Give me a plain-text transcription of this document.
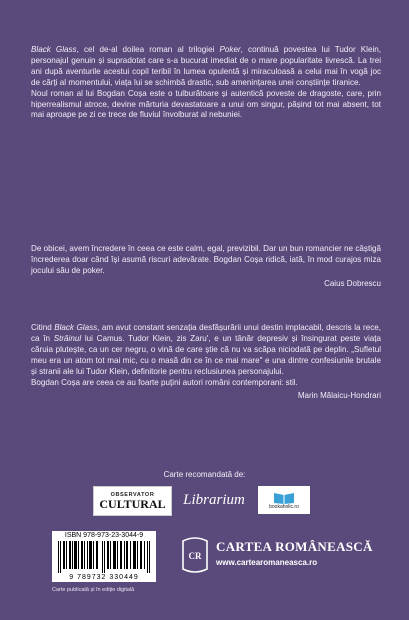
Black Glass, cel de-al doilea roman al trilogiei Poker, continuă povestea lui Tudor Klein, personajul genuin și supradotat care s-a bucurat imediat de o mare popularitate livrescă. La trei ani după aventurile acestui copil teribil în lumea opulentă și miraculoasă a celui mai în vogă joc de cărți al momentului, viața lui se schimbă drastic, sub amenințarea unei conștiințe tiranice.

Noul roman al lui Bogdan Coșa este o tulburătoare și autentică poveste de dragoste, care, prin hiperrealismul atroce, devine mărturia devastatoare a unui om singur, pășind tot mai absent, tot mai aproape pe zi ce trece de fluviul învolburat al nebuniei.

De obicei, avem încredere în ceea ce este calm, egal, previzibil. Dar un bun romancier ne câștigă încrederea doar când își asumă riscuri adevărate. Bogdan Coșa ridică, iată, în mod curajos miza jocului său de poker.
Caius Dobrescu

Citind Black Glass, am avut constant senzația desfășurării unui destin implacabil, descris la rece, ca în Străinul lui Camus. Tudor Klein, zis Zaru', e un tânăr depresiv și însingurat peste viața căruia plutește, ca un cer negru, o vină de care știe că nu va scăpa niciodată pe deplin. „Sufletul meu era un atom tot mai mic, cu o masă din ce în ce mai mare" e una dintre confesiunile brutale și stranii ale lui Tudor Klein, definitorie pentru reclusiunea personajului.

Bogdan Coșa are ceea ce au foarte puțini autori români contemporani: stil.

Marin Mălaicu-Hondrari
Carte recomandată de:
OBSERVATOR
CULTURAL Librarium	bookaholic.ro
ISBN 978-973-23-3044-9
9 789732 330449
Carte publicată și în ediție digitală
CR
CARTEA ROMÂNEASCĂ
www.cartearomaneasca.ro
